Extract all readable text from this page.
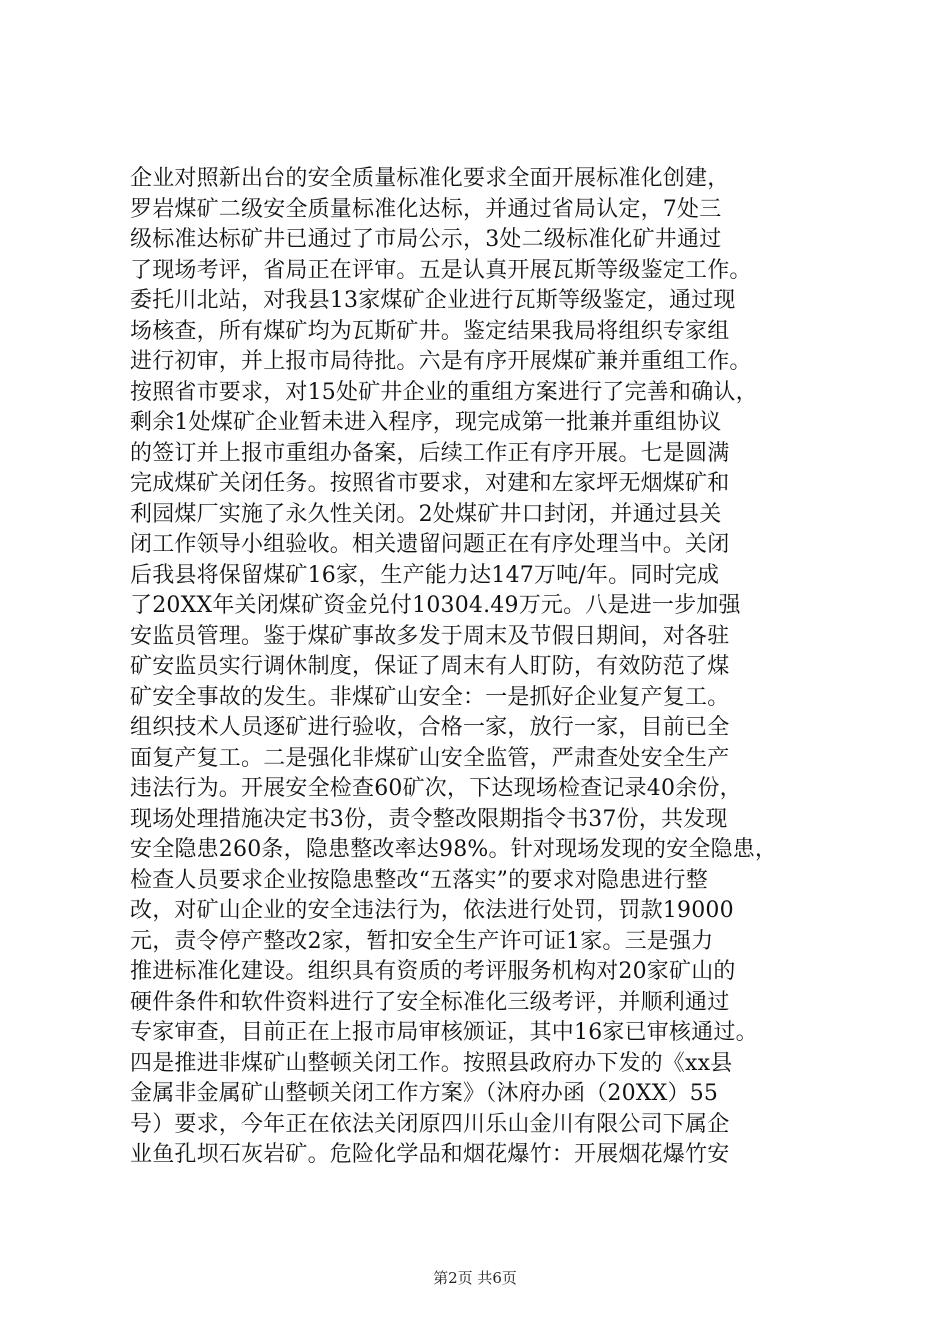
企业对照新出台的安全质量标准化要求全面开展标准化创建，
罗岩煤矿二级安全质量标准化达标，并通过省局认定，7处三
级标准达标矿井已通过了市局公示，3处二级标准化矿井通过
了现场考评，省局正在评审。五是认真开展瓦斯等级鉴定工作。
委托川北站，对我县13家煤矿企业进行瓦斯等级鉴定，通过现
场核查，所有煤矿均为瓦斯矿井。鉴定结果我局将组织专家组
进行初审，并上报市局待批。六是有序开展煤矿兼并重组工作。
按照省市要求，对15处矿井企业的重组方案进行了完善和确认，
剩余1处煤矿企业暂未进入程序，现完成第一批兼并重组协议
的签订并上报市重组办备案，后续工作正有序开展。七是圆满
完成煤矿关闭任务。按照省市要求，对建和左家坪无烟煤矿和
利园煤厂实施了永久性关闭。2处煤矿井口封闭，并通过县关
闭工作领导小组验收。相关遗留问题正在有序处理当中。关闭
后我县将保留煤矿16家，生产能力达147万吨/年。同时完成
了20XX年关闭煤矿资金兑付10304.49万元。八是进一步加强
安监员管理。鉴于煤矿事故多发于周末及节假日期间，对各驻
矿安监员实行调休制度，保证了周末有人盯防，有效防范了煤
矿安全事故的发生。非煤矿山安全：一是抓好企业复产复工。
组织技术人员逐矿进行验收，合格一家，放行一家，目前已全
面复产复工。二是强化非煤矿山安全监管，严肃查处安全生产
违法行为。开展安全检查60矿次，下达现场检查记录40余份，
现场处理措施决定书3份，责令整改限期指令书37份，共发现
安全隐患260条，隐患整改率达98%。针对现场发现的安全隐患，
检查人员要求企业按隐患整改“五落实”的要求对隐患进行整
改，对矿山企业的安全违法行为，依法进行处罚，罚款19000
元，责令停产整改2家，暂扣安全生产许可证1家。三是强力
推进标准化建设。组织具有资质的考评服务机构对20家矿山的
硬件条件和软件资料进行了安全标准化三级考评，并顺利通过
专家审查，目前正在上报市局审核颁证，其中16家已审核通过。
四是推进非煤矿山整顿关闭工作。按照县政府办下发的《xx县
金属非金属矿山整顿关闭工作方案》（沐府办函（20XX）55
号）要求，今年正在依法关闭原四川乐山金川有限公司下属企
业鱼孔坝石灰岩矿。危险化学品和烟花爆竹：开展烟花爆竹安
第2页 共6页
